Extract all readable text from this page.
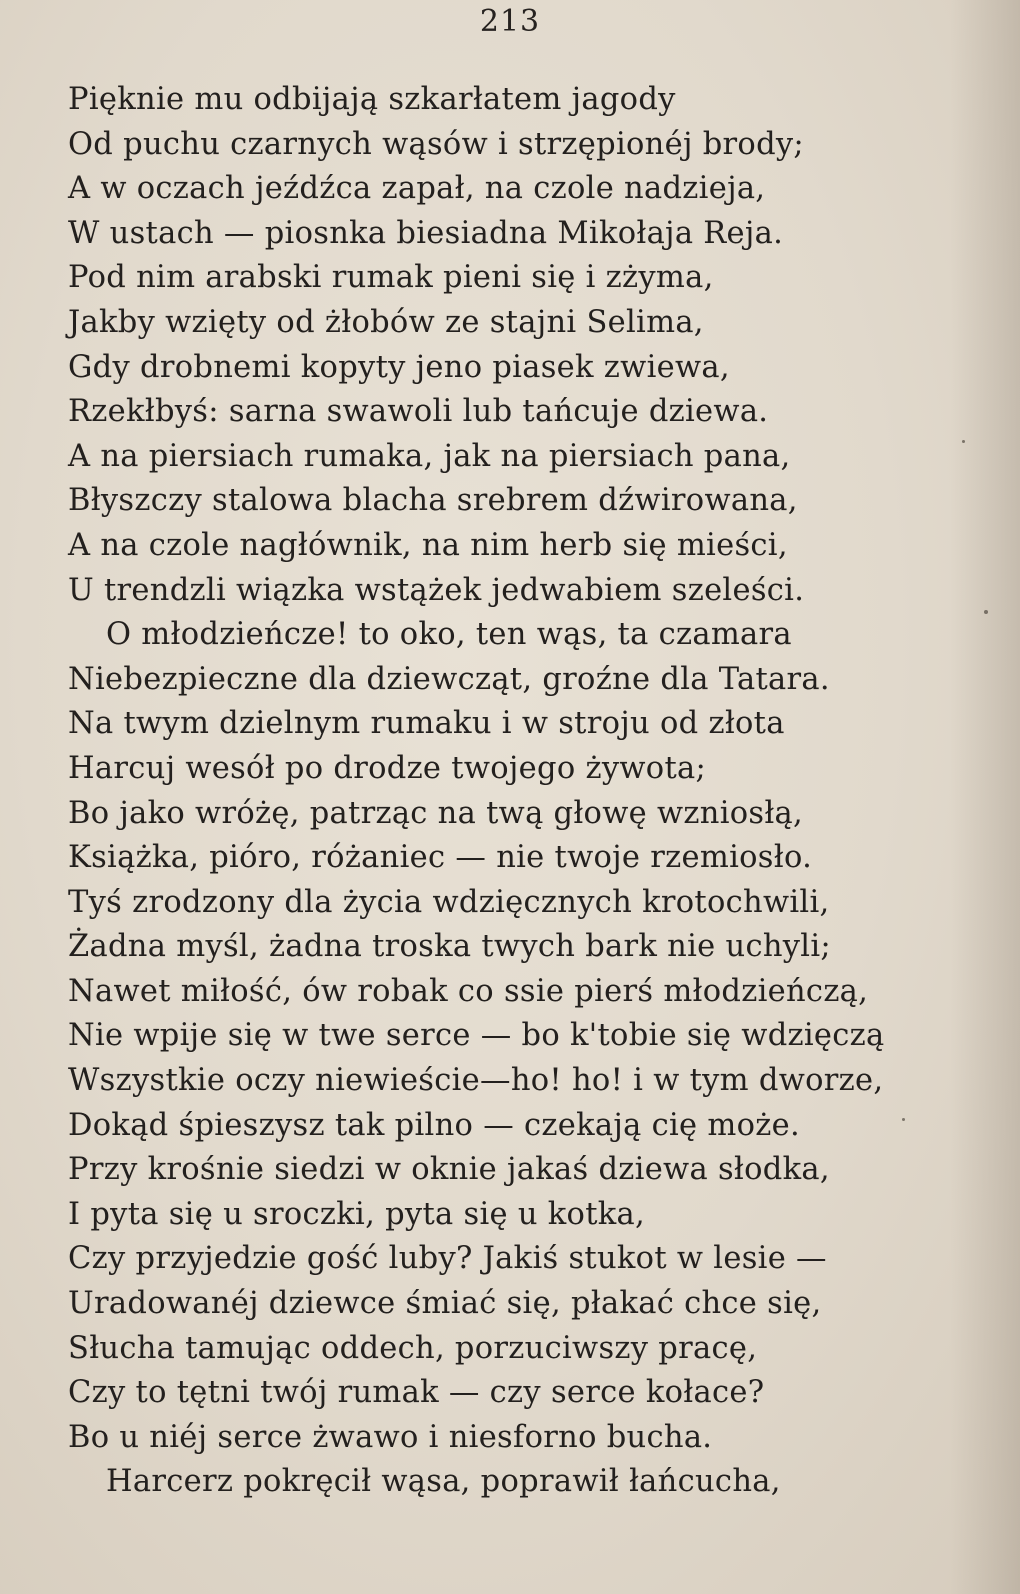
213
Pięknie mu odbijają szkarłatem jagody
Od puchu czarnych wąsów i strzępionéj brody;
A w oczach jeźdźca zapał, na czole nadzieja,
W ustach — piosnka biesiadna Mikołaja Reja.
Pod nim arabski rumak pieni się i zżyma,
Jakby wzięty od żłobów ze stajni Selima,
Gdy drobnemi kopyty jeno piasek zwiewa,
Rzekłbyś: sarna swawoli lub tańcuje dziewa.
A na piersiach rumaka, jak na piersiach pana,
Błyszczy stalowa blacha srebrem dźwirowana,
A na czole nagłównik, na nim herb się mieści,
U trendzli wiązka wstążek jedwabiem szeleści.
O młodzieńcze! to oko, ten wąs, ta czamara
Niebezpieczne dla dziewcząt, groźne dla Tatara.
Na twym dzielnym rumaku i w stroju od złota
Harcuj wesół po drodze twojego żywota;
Bo jako wróżę, patrząc na twą głowę wzniosłą,
Książka, pióro, różaniec — nie twoje rzemiosło.
Tyś zrodzony dla życia wdzięcznych krotochwili,
Żadna myśl, żadna troska twych bark nie uchyli;
Nawet miłość, ów robak co ssie pierś młodzieńczą,
Nie wpije się w twe serce — bo k'tobie się wdzięczą
Wszystkie oczy niewieście—ho! ho! i w tym dworze,
Dokąd śpieszysz tak pilno — czekają cię może.
Przy krośnie siedzi w oknie jakaś dziewa słodka,
I pyta się u sroczki, pyta się u kotka,
Czy przyjedzie gość luby? Jakiś stukot w lesie —
Uradowanéj dziewce śmiać się, płakać chce się,
Słucha tamując oddech, porzuciwszy pracę,
Czy to tętni twój rumak — czy serce kołace?
Bo u niéj serce żwawo i niesforno bucha.
Harcerz pokręcił wąsa, poprawił łańcucha,
